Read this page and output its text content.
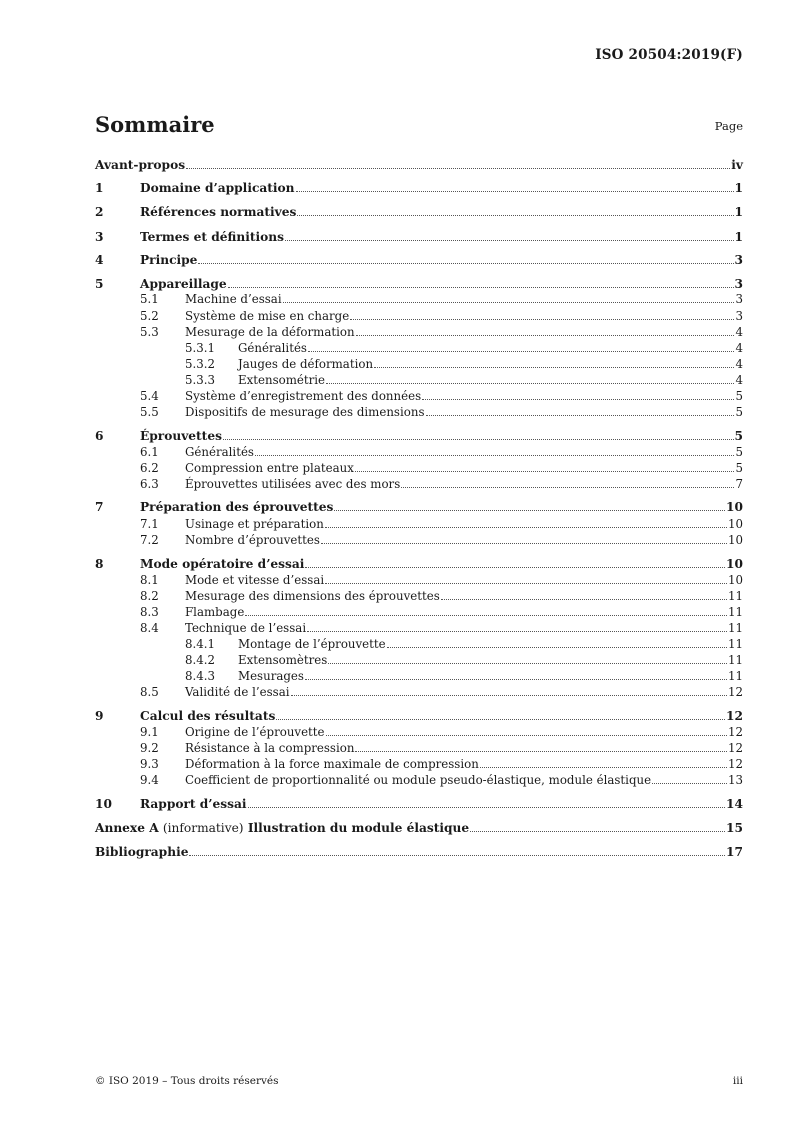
ISO 20504:2019(F)
Sommaire	Page
Avant-propos	iv
1	Domaine d’application	1
2	Références normatives	1
3	Termes et définitions	1
4	Principe	3
5	Appareillage	3
5.1 Machine d’essai	3
5.2 Système de mise en charge	3
5.3 Mesurage de la déformation	4
5.3.1 Généralités	4
5.3.2 Jauges de déformation	4
5.3.3 Extensométrie	4
5.4 Système d’enregistrement des données	5
5.5 Dispositifs de mesurage des dimensions	5
6	Éprouvettes	5
6.1 Généralités	5
6.2 Compression entre plateaux	5
6.3 Éprouvettes utilisées avec des mors	7
7	Préparation des éprouvettes	10
7.1 Usinage et préparation	10
7.2 Nombre d’éprouvettes	10
8	Mode opératoire d’essai	10
8.1 Mode et vitesse d’essai	10
8.2 Mesurage des dimensions des éprouvettes	11
8.3 Flambage	11
8.4 Technique de l’essai	11
8.4.1 Montage de l’éprouvette	11
8.4.2 Extensomètres	11
8.4.3 Mesurages	11
8.5 Validité de l’essai	12
9	Calcul des résultats	12
9.1 Origine de l’éprouvette	12
9.2 Résistance à la compression	12
9.3 Déformation à la force maximale de compression	12
9.4 Coefficient de proportionnalité ou module pseudo-élastique, module élastique	13
10 Rapport d’essai	14
Annexe A (informative) Illustration du module élastique	15
Bibliographie	17
© ISO 2019 – Tous droits réservés	iii
